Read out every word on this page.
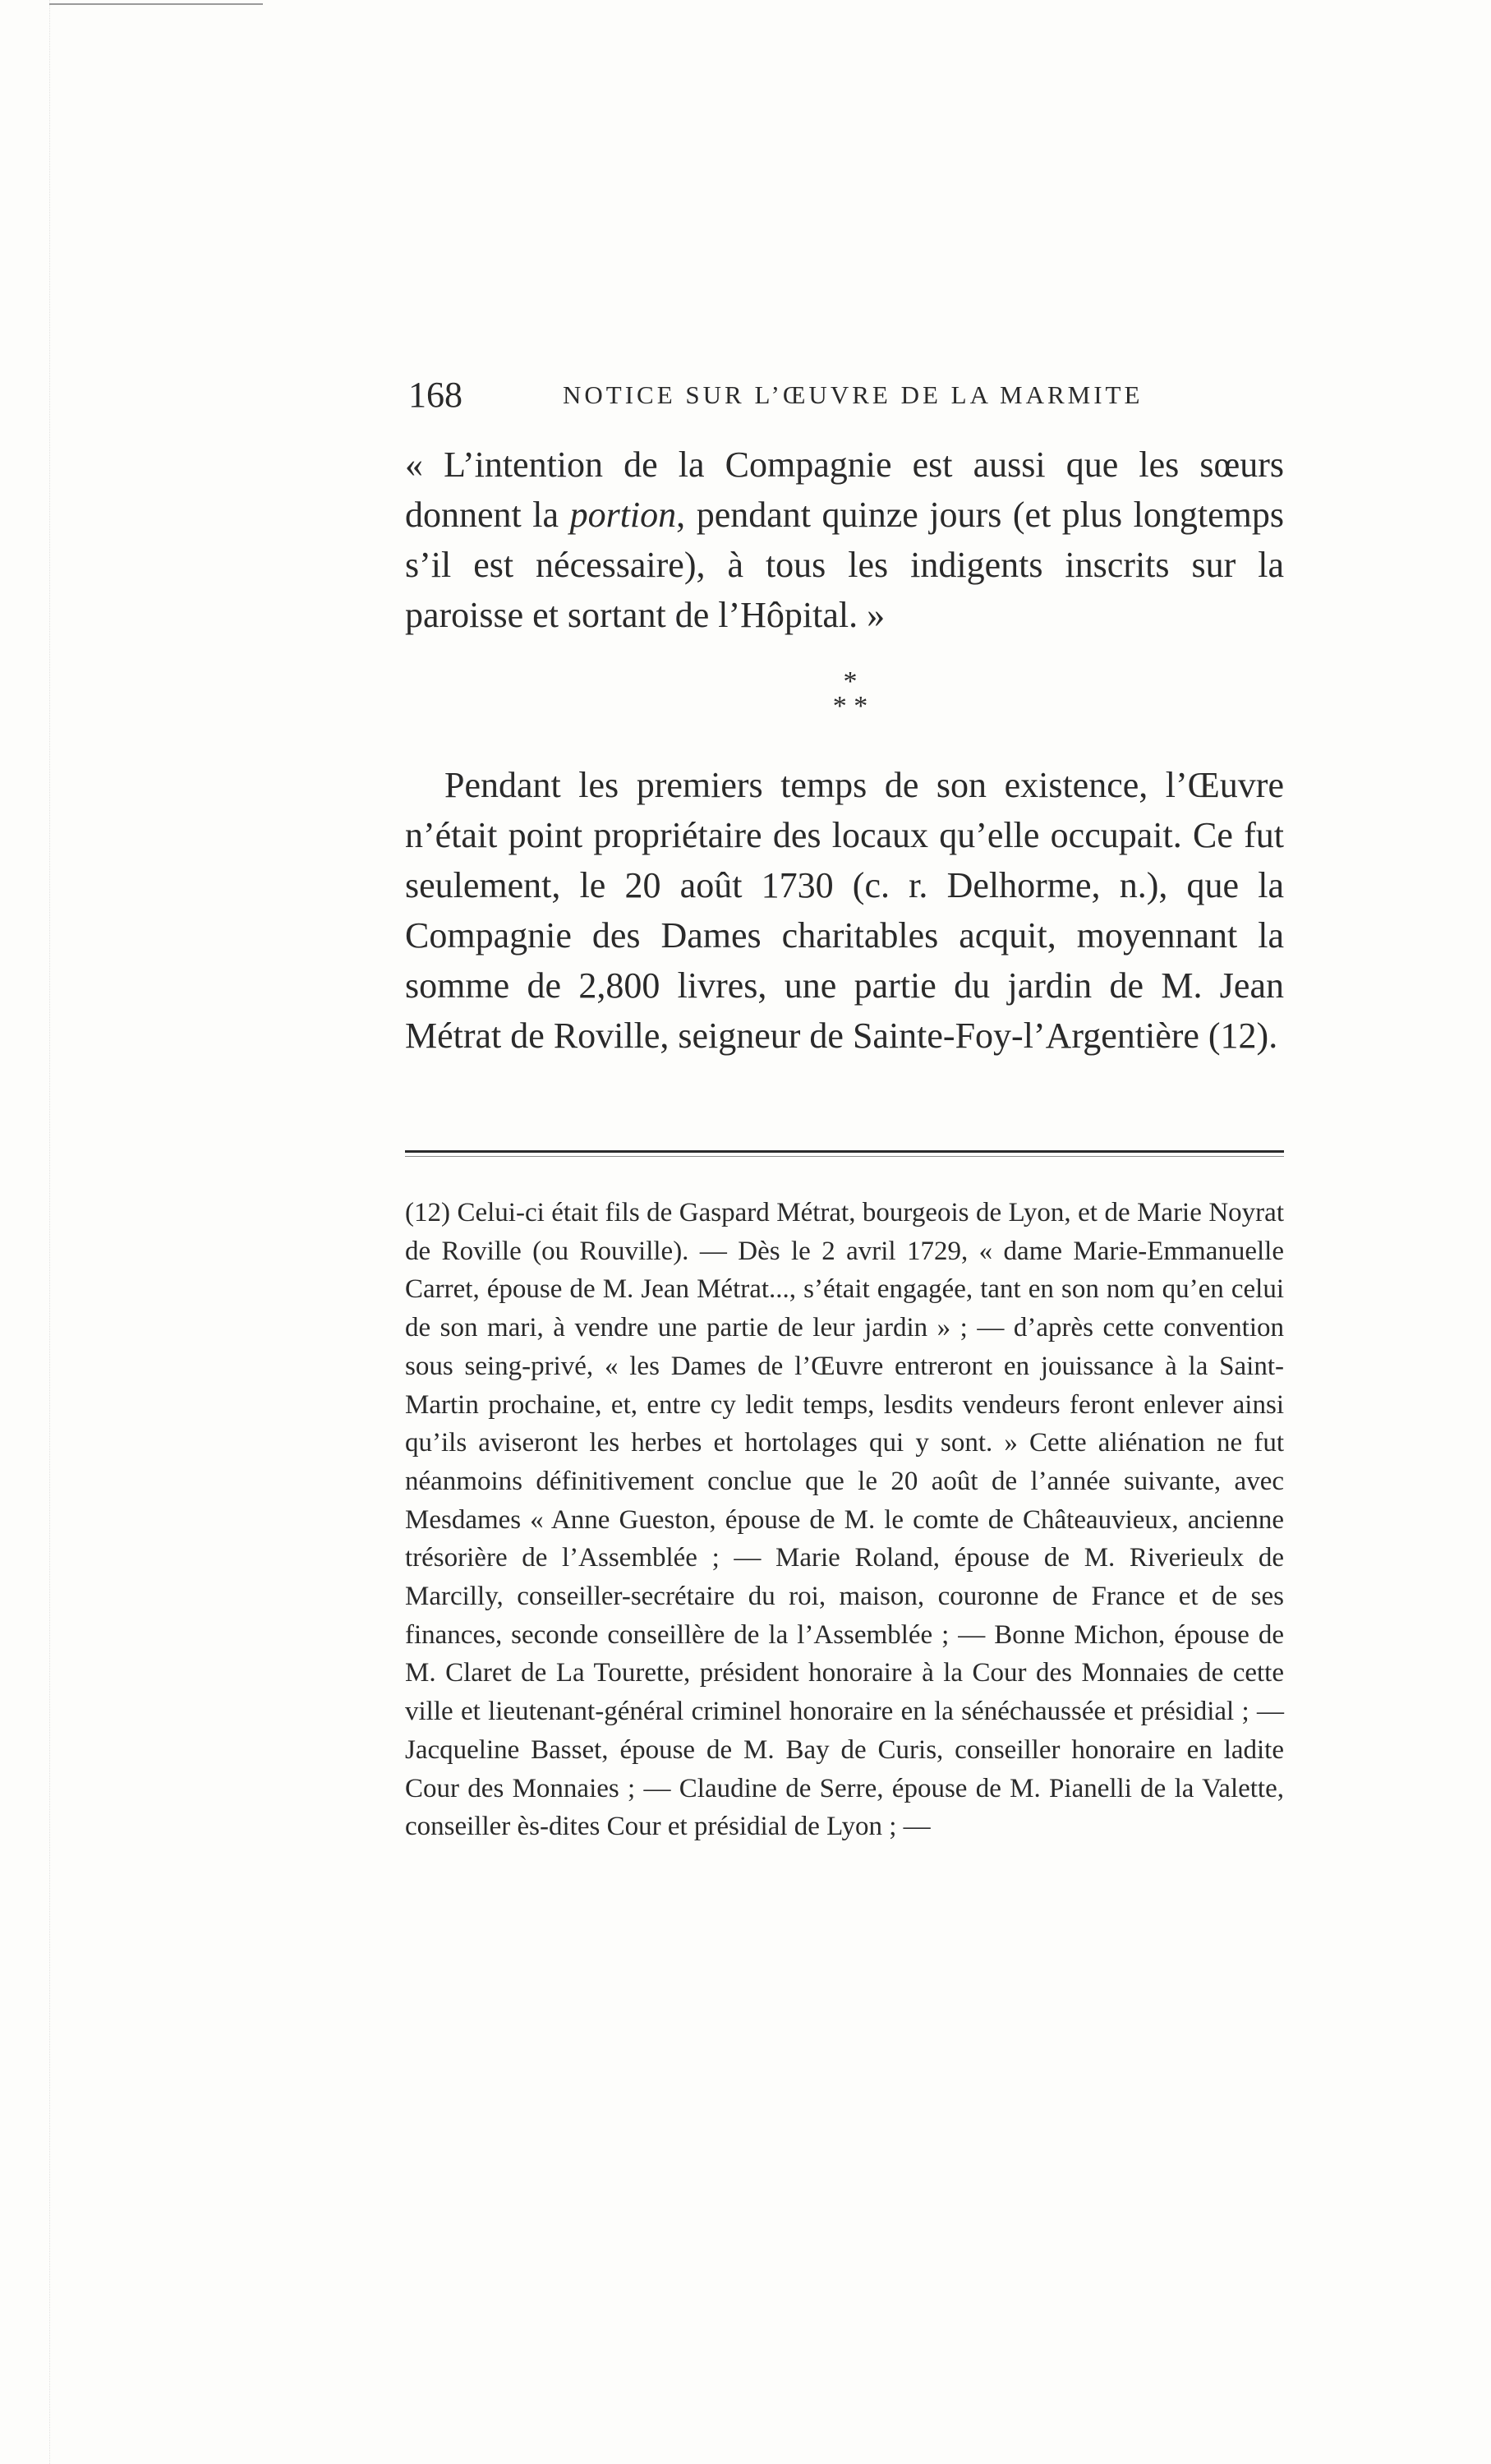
168	NOTICE SUR L’ŒUVRE DE LA MARMITE

« L’intention de la Compagnie est aussi que les sœurs donnent la portion, pendant quinze jours (et plus longtemps s’il est nécessaire), à tous les indigents inscrits sur la paroisse et sortant de l’Hôpital. »

*
* *

Pendant les premiers temps de son existence, l’Œuvre n’était point propriétaire des locaux qu’elle occupait. Ce fut seulement, le 20 août 1730 (c. r. Delhorme, n.), que la Compagnie des Dames charitables acquit, moyennant la somme de 2,800 livres, une partie du jardin de M. Jean Métrat de Roville, seigneur de Sainte-Foy-l’Argentière (12).

(12) Celui-ci était fils de Gaspard Métrat, bourgeois de Lyon, et de Marie Noyrat de Roville (ou Rouville). — Dès le 2 avril 1729, « dame Marie-Emmanuelle Carret, épouse de M. Jean Métrat..., s’était engagée, tant en son nom qu’en celui de son mari, à vendre une partie de leur jardin » ; — d’après cette convention sous seing-privé, « les Dames de l’Œuvre entreront en jouissance à la Saint-Martin prochaine, et, entre cy ledit temps, lesdits vendeurs feront enlever ainsi qu’ils aviseront les herbes et hortolages qui y sont. » Cette aliénation ne fut néanmoins définitivement conclue que le 20 août de l’année suivante, avec Mesdames « Anne Gueston, épouse de M. le comte de Châteauvieux, ancienne trésorière de l’Assemblée ; — Marie Roland, épouse de M. Riverieulx de Marcilly, conseiller-secrétaire du roi, maison, couronne de France et de ses finances, seconde conseillère de la l’Assemblée ; — Bonne Michon, épouse de M. Claret de La Tourette, président honoraire à la Cour des Monnaies de cette ville et lieutenant-général criminel honoraire en la sénéchaussée et présidial ; — Jacqueline Basset, épouse de M. Bay de Curis, conseiller honoraire en ladite Cour des Monnaies ; — Claudine de Serre, épouse de M. Pianelli de la Valette, conseiller ès-dites Cour et présidial de Lyon ; —
